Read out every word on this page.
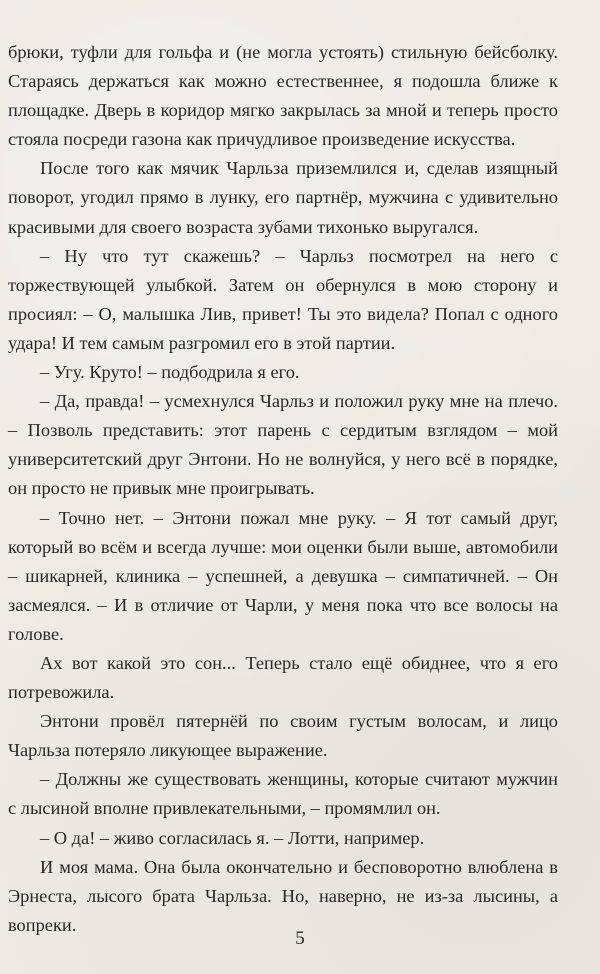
брюки, туфли для гольфа и (не могла устоять) стильную бейсболку. Стараясь держаться как можно естественнее, я подошла ближе к площадке. Дверь в коридор мягко закрылась за мной и теперь просто стояла посреди газона как причудливое произведение искусства.

После того как мячик Чарльза приземлился и, сделав изящный поворот, угодил прямо в лунку, его партнёр, мужчина с удивительно красивыми для своего возраста зубами тихонько выругался.

– Ну что тут скажешь? – Чарльз посмотрел на него с торжествующей улыбкой. Затем он обернулся в мою сторону и просиял: – О, малышка Лив, привет! Ты это видела? Попал с одного удара! И тем самым разгромил его в этой партии.

– Угу. Круто! – подбодрила я его.

– Да, правда! – усмехнулся Чарльз и положил руку мне на плечо. – Позволь представить: этот парень с сердитым взглядом – мой университетский друг Энтони. Но не волнуйся, у него всё в порядке, он просто не привык мне проигрывать.

– Точно нет. – Энтони пожал мне руку. – Я тот самый друг, который во всём и всегда лучше: мои оценки были выше, автомобили – шикарней, клиника – успешней, а девушка – симпатичней. – Он засмеялся. – И в отличие от Чарли, у меня пока что все волосы на голове.

Ах вот какой это сон... Теперь стало ещё обиднее, что я его потревожила.

Энтони провёл пятернёй по своим густым волосам, и лицо Чарльза потеряло ликующее выражение.

– Должны же существовать женщины, которые считают мужчин с лысиной вполне привлекательными, – промямлил он.

– О да! – живо согласилась я. – Лотти, например.

И моя мама. Она была окончательно и бесповоротно влюблена в Эрнеста, лысого брата Чарльза. Но, наверно, не из-за лысины, а вопреки.

5
